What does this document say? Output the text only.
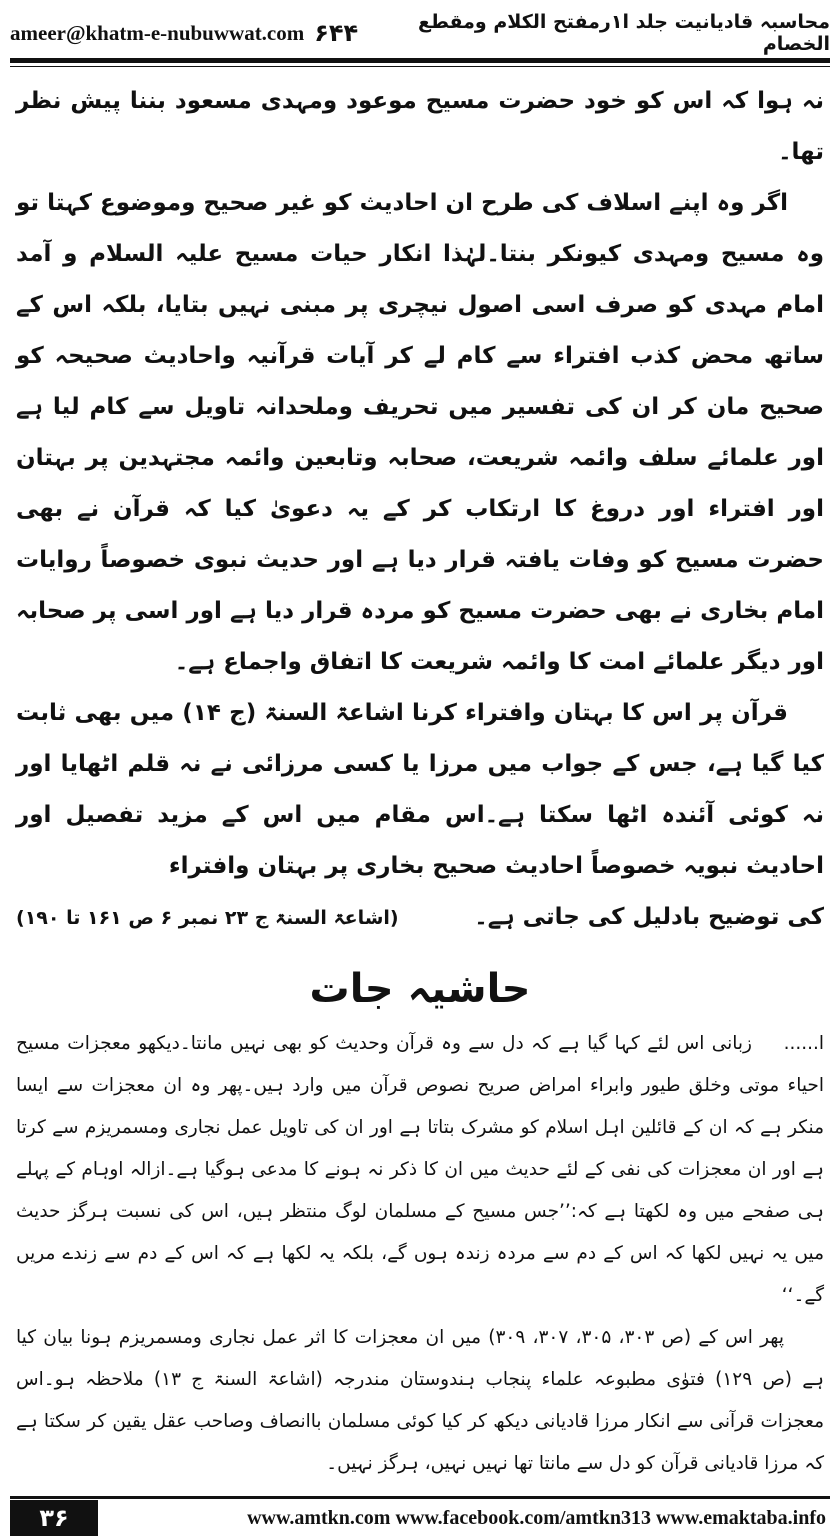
ameer@khatm-e-nubuwwat.com ۶۴۴	محاسبہ قادیانیت جلد ا۱رمفتح الکلام ومقطع الخصام

نہ ہوا کہ اس کو خود حضرت مسیح موعود ومہدی مسعود بننا پیش نظر تھا۔

اگر وہ اپنے اسلاف کی طرح ان احادیث کو غیر صحیح وموضوع کہتا تو وہ مسیح ومہدی کیونکر بنتا۔لہٰذا انکار حیات مسیح علیہ السلام و آمد امام مہدی کو صرف اسی اصول نیچری پر مبنی نہیں بتایا، بلکہ اس کے ساتھ محض کذب افتراء سے کام لے کر آیات قرآنیہ واحادیث صحیحہ کو صحیح مان کر ان کی تفسیر میں تحریف وملحدانہ تاویل سے کام لیا ہے اور علمائے سلف وائمہ شریعت، صحابہ وتابعین وائمہ مجتہدین پر بہتان اور افتراء اور دروغ کا ارتکاب کر کے یہ دعویٰ کیا کہ قرآن نے بھی حضرت مسیح کو وفات یافتہ قرار دیا ہے اور حدیث نبوی خصوصاً روایات امام بخاری نے بھی حضرت مسیح کو مردہ قرار دیا ہے اور اسی پر صحابہ اور دیگر علمائے امت کا وائمہ شریعت کا اتفاق واجماع ہے۔

قرآن پر اس کا بہتان وافتراء کرنا اشاعۃ السنۃ (ج ۱۴) میں بھی ثابت کیا گیا ہے، جس کے جواب میں مرزا یا کسی مرزائی نے نہ قلم اٹھایا اور نہ کوئی آئندہ اٹھا سکتا ہے۔اس مقام میں اس کے مزید تفصیل اور احادیث نبویہ خصوصاً احادیث صحیح بخاری پر بہتان وافتراء

کی توضیح بادلیل کی جاتی ہے۔
(اشاعۃ السنۃ ج ۲۳ نمبر ۶ ص ۱۶۱ تا ۱۹۰)
حاشیہ جات

ا......زبانی اس لئے کہا گیا ہے کہ دل سے وہ قرآن وحدیث کو بھی نہیں مانتا۔دیکھو معجزات مسیح احیاء موتی وخلق طیور وابراء امراض صریح نصوص قرآن میں وارد ہیں۔پھر وہ ان معجزات سے ایسا منکر ہے کہ ان کے قائلین اہل اسلام کو مشرک بتاتا ہے اور ان کی تاویل عمل نجاری ومسمریزم سے کرتا ہے اور ان معجزات کی نفی کے لئے حدیث میں ان کا ذکر نہ ہونے کا مدعی ہوگیا ہے۔ازالہ اوہام کے پہلے ہی صفحے میں وہ لکھتا ہے کہ:’’جس مسیح کے مسلمان لوگ منتظر ہیں، اس کی نسبت ہرگز حدیث میں یہ نہیں لکھا کہ اس کے دم سے مردہ زندہ ہوں گے، بلکہ یہ لکھا ہے کہ اس کے دم سے زندے مریں گے۔‘‘

پھر اس کے (ص ۳۰۳، ۳۰۵، ۳۰۷، ۳۰۹) میں ان معجزات کا اثر عمل نجاری ومسمریزم ہونا بیان کیا ہے (ص ۱۲۹) فتوٰی مطبوعہ علماء پنجاب ہندوستان مندرجہ (اشاعۃ السنۃ ج ۱۳) ملاحظہ ہو۔اس معجزات قرآنی سے انکار مرزا قادیانی دیکھ کر کیا کوئی مسلمان باانصاف وصاحب عقل یقین کر سکتا ہے کہ مرزا قادیانی قرآن کو دل سے مانتا تھا نہیں نہیں، ہرگز نہیں۔

۳۶	www.amtkn.com www.facebook.com/amtkn313 www.emaktaba.info
